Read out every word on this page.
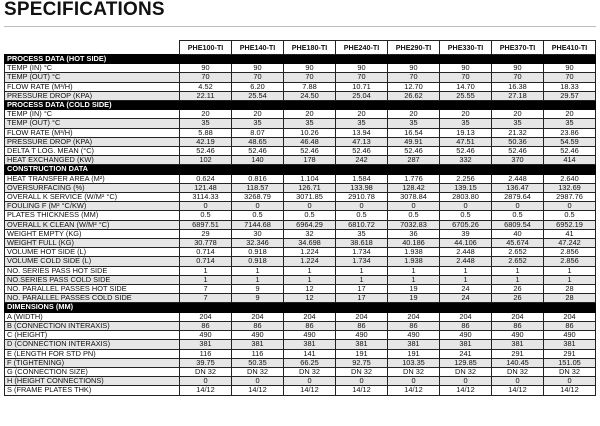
SPECIFICATIONS
	PHE100-TI	PHE140-TI	PHE180-TI	PHE240-TI	PHE290-TI	PHE330-TI	PHE370-TI	PHE410-TI
PROCESS DATA (HOT SIDE)								
TEMP (IN) °C	90	90	90	90	90	90	90	90
TEMP (OUT) °C	70	70	70	70	70	70	70	70
FLOW RATE (M³/H)	4.52	6.20	7.88	10.71	12.70	14.70	16.38	18.33
PRESSURE DROP (KPA)	22.11	25.54	24.50	25.04	26.62	25.55	27.18	29.57
PROCESS DATA (COLD SIDE)								
TEMP (IN) °C	20	20	20	20	20	20	20	20
TEMP (OUT) °C	35	35	35	35	35	35	35	35
FLOW RATE (M³/H)	5.88	8.07	10.26	13.94	16.54	19.13	21.32	23.86
PRESSURE DROP (KPA)	42.19	48.65	46.48	47.13	49.91	47.51	50.36	54.59
DELTA T LOG. MEAN (°C)	52.46	52.46	52.46	52.46	52.46	52.46	52.46	52.46
HEAT EXCHANGED (KW)	102	140	178	242	287	332	370	414
CONSTRUCTION DATA								
HEAT TRANSFER AREA (M²)	0.624	0.816	1.104	1.584	1.776	2.256	2.448	2.640
OVERSURFACING (%)	121.48	118.57	126.71	133.98	128.42	139.15	136.47	132.69
OVERALL K SERVICE (W/M² °C)	3114.33	3268.79	3071.85	2910.78	3078.84	2803.80	2879.64	2987.76
FOULING F (M² °C/KW)	0	0	0	0	0	0	0	0
PLATES THICKNESS (MM)	0.5	0.5	0.5	0.5	0.5	0.5	0.5	0.5
OVERALL K CLEAN (W/M² °C)	6897.51	7144.68	6964.29	6810.72	7032.83	6705.26	6809.54	6952.19
WEIGHT EMPTY (KG)	29	30	32	35	36	39	40	41
WEIGHT FULL (KG)	30.778	32.346	34.698	38.618	40.186	44.106	45.674	47.242
VOLUME HOT SIDE (L)	0.714	0.918	1.224	1.734	1.938	2.448	2.652	2.856
VOLUME COLD SIDE (L)	0.714	0.918	1.224	1.734	1.938	2.448	2.652	2.856
NO. SERIES PASS HOT SIDE	1	1	1	1	1	1	1	1
NO.SERIES PASS COLD SIDE	1	1	1	1	1	1	1	1
NO. PARALLEL PASSES HOT SIDE	7	9	12	17	19	24	26	28
NO. PARALLEL PASSES COLD SIDE	7	9	12	17	19	24	26	28
DIMENSIONS (MM)								
A (WIDTH)	204	204	204	204	204	204	204	204
B (CONNECTION INTERAXIS)	86	86	86	86	86	86	86	86
C (HEIGHT)	490	490	490	490	490	490	490	490
D (CONNECTION INTERAXIS)	381	381	381	381	381	381	381	381
E (LENGTH FOR STD PN)	116	116	141	191	191	241	291	291
F (TIGHTENING)	39.75	50.35	66.25	92.75	103.35	129.85	140.45	151.05
G (CONNECTION SIZE)	DN 32	DN 32	DN 32	DN 32	DN 32	DN 32	DN 32	DN 32
H (HEIGHT CONNECTIONS)	0	0	0	0	0	0	0	0
S (FRAME PLATES THK)	14/12	14/12	14/12	14/12	14/12	14/12	14/12	14/12
